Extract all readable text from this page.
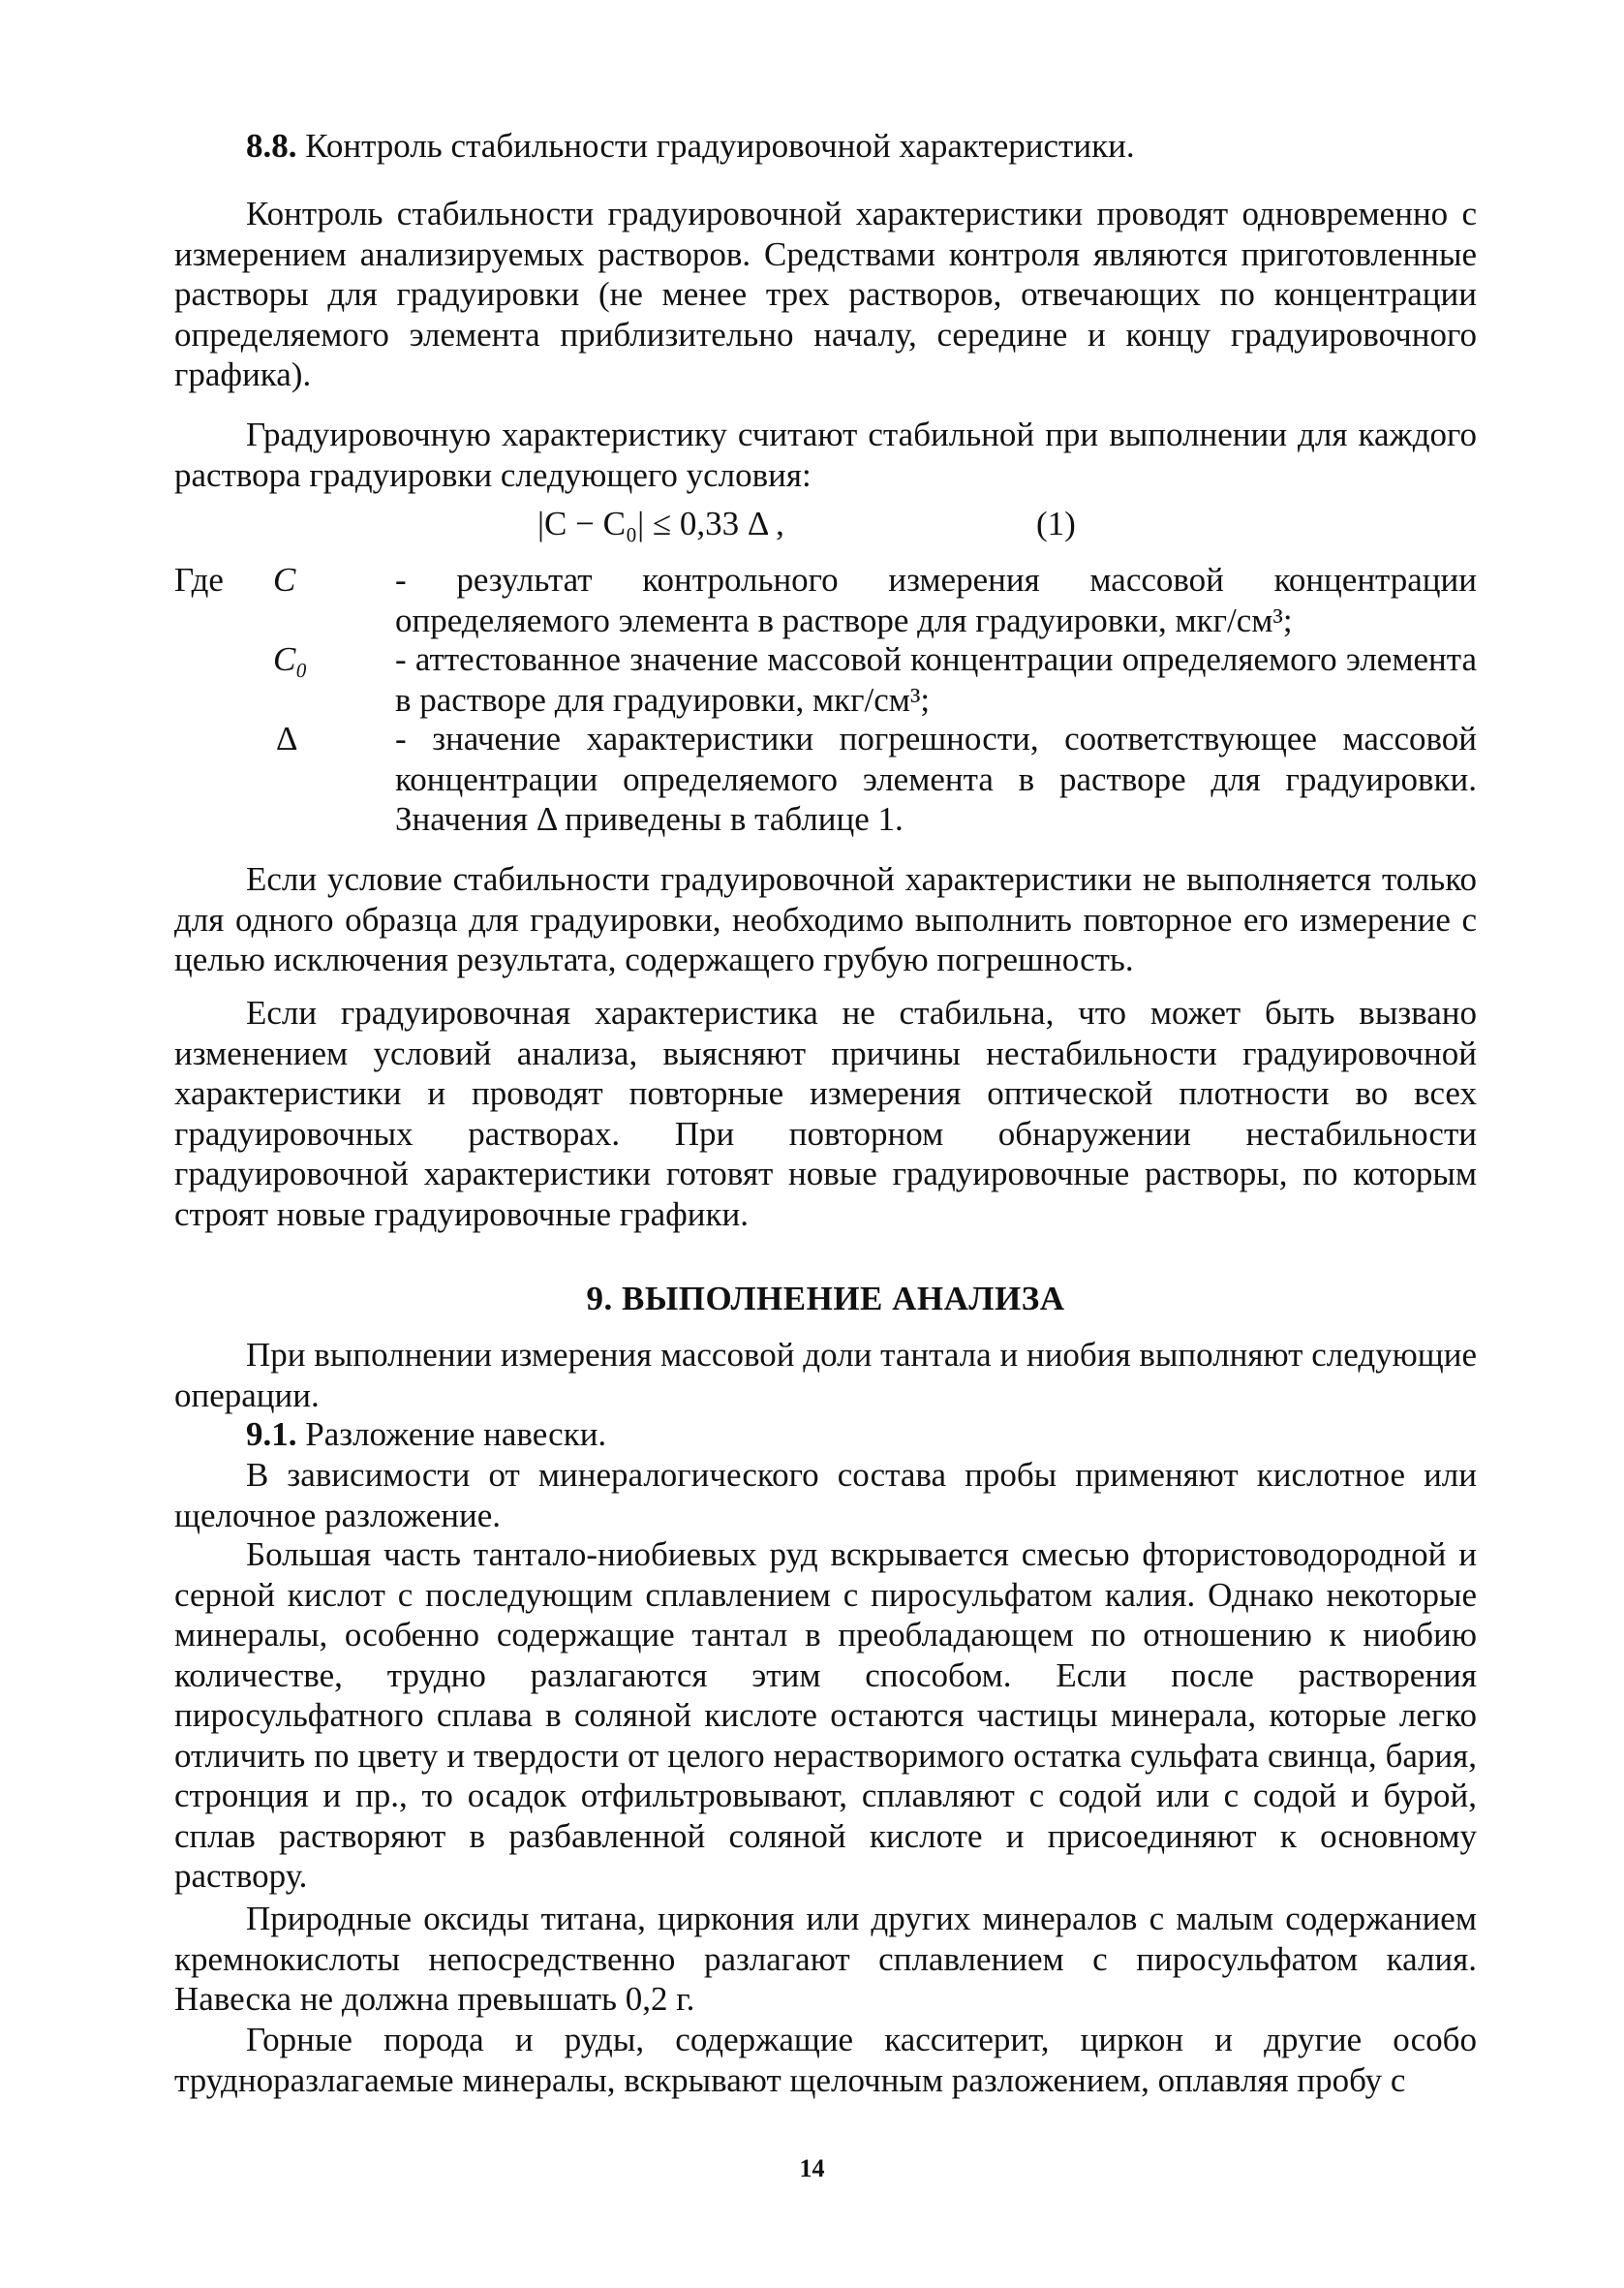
8.8. Контроль стабильности градуировочной характеристики.
Контроль стабильности градуировочной характеристики проводят одновременно с измерением анализируемых растворов. Средствами контроля являются приготовленные растворы для градуировки (не менее трех растворов, отвечающих по концентрации определяемого элемента приблизительно началу, середине и концу градуировочного графика).
Градуировочную характеристику считают стабильной при выполнении для каждого раствора градуировки следующего условия:
|C − C₀| ≤ 0,33 Δ ,	(1)
Где C	- результат контрольного измерения массовой концентрации определяемого элемента в растворе для градуировки, мкг/см³;
C₀	- аттестованное значение массовой концентрации определяемого элемента в растворе для градуировки, мкг/см³;
Δ	- значение характеристики погрешности, соответствующее массовой концентрации определяемого элемента в растворе для градуировки. Значения Δ приведены в таблице 1.
Если условие стабильности градуировочной характеристики не выполняется только для одного образца для градуировки, необходимо выполнить повторное его измерение с целью исключения результата, содержащего грубую погрешность.
Если градуировочная характеристика не стабильна, что может быть вызвано изменением условий анализа, выясняют причины нестабильности градуировочной характеристики и проводят повторные измерения оптической плотности во всех градуировочных растворах. При повторном обнаружении нестабильности градуировочной характеристики готовят новые градуировочные растворы, по которым строят новые градуировочные графики.
9. ВЫПОЛНЕНИЕ АНАЛИЗА
При выполнении измерения массовой доли тантала и ниобия выполняют следующие операции.
9.1. Разложение навески.
В зависимости от минералогического состава пробы применяют кислотное или щелочное разложение.
Большая часть тантало-ниобиевых руд вскрывается смесью фтористоводородной и серной кислот с последующим сплавлением с пиросульфатом калия. Однако некоторые минералы, особенно содержащие тантал в преобладающем по отношению к ниобию количестве, трудно разлагаются этим способом. Если после растворения пиросульфатного сплава в соляной кислоте остаются частицы минерала, которые легко отличить по цвету и твердости от целого нерастворимого остатка сульфата свинца, бария, стронция и пр., то осадок отфильтровывают, сплавляют с содой или с содой и бурой, сплав растворяют в разбавленной соляной кислоте и присоединяют к основному раствору.
Природные оксиды титана, циркония или других минералов с малым содержанием кремнокислоты непосредственно разлагают сплавлением с пиросульфатом калия. Навеска не должна превышать 0,2 г.
Горные порода и руды, содержащие касситерит, циркон и другие особо трудноразлагаемые минералы, вскрывают щелочным разложением, оплавляя пробу с
14
